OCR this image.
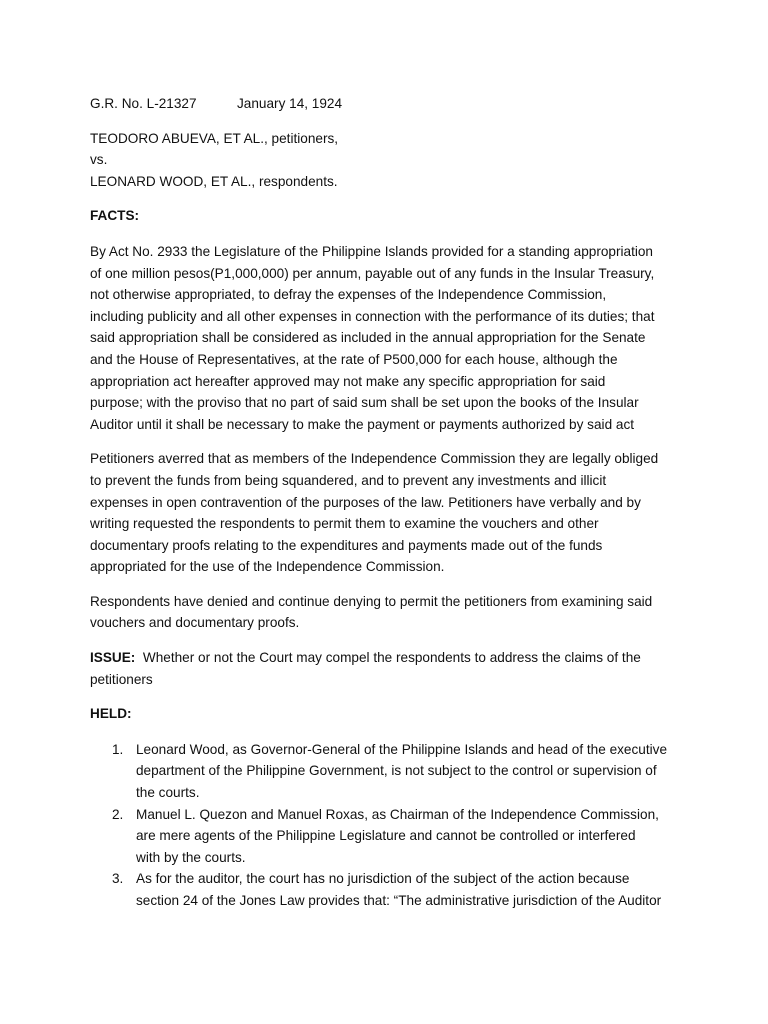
G.R. No. L-21327	January 14, 1924
TEODORO ABUEVA, ET AL., petitioners,
vs.
LEONARD WOOD, ET AL., respondents.
FACTS:
By Act No. 2933 the Legislature of the Philippine Islands provided for a standing appropriation
of one million pesos(P1,000,000) per annum, payable out of any funds in the Insular Treasury,
not otherwise appropriated, to defray the expenses of the Independence Commission,
including publicity and all other expenses in connection with the performance of its duties; that
said appropriation shall be considered as included in the annual appropriation for the Senate
and the House of Representatives, at the rate of P500,000 for each house, although the
appropriation act hereafter approved may not make any specific appropriation for said
purpose; with the proviso that no part of said sum shall be set upon the books of the Insular
Auditor until it shall be necessary to make the payment or payments authorized by said act
Petitioners averred that as members of the Independence Commission they are legally obliged
to prevent the funds from being squandered, and to prevent any investments and illicit
expenses in open contravention of the purposes of the law. Petitioners have verbally and by
writing requested the respondents to permit them to examine the vouchers and other
documentary proofs relating to the expenditures and payments made out of the funds
appropriated for the use of the Independence Commission.
Respondents have denied and continue denying to permit the petitioners from examining said
vouchers and documentary proofs.
ISSUE:  Whether or not the Court may compel the respondents to address the claims of the
petitioners
HELD:
1. Leonard Wood, as Governor-General of the Philippine Islands and head of the executive
department of the Philippine Government, is not subject to the control or supervision of
the courts.
2. Manuel L. Quezon and Manuel Roxas, as Chairman of the Independence Commission,
are mere agents of the Philippine Legislature and cannot be controlled or interfered
with by the courts.
3. As for the auditor, the court has no jurisdiction of the subject of the action because
section 24 of the Jones Law provides that: “The administrative jurisdiction of the Auditor
